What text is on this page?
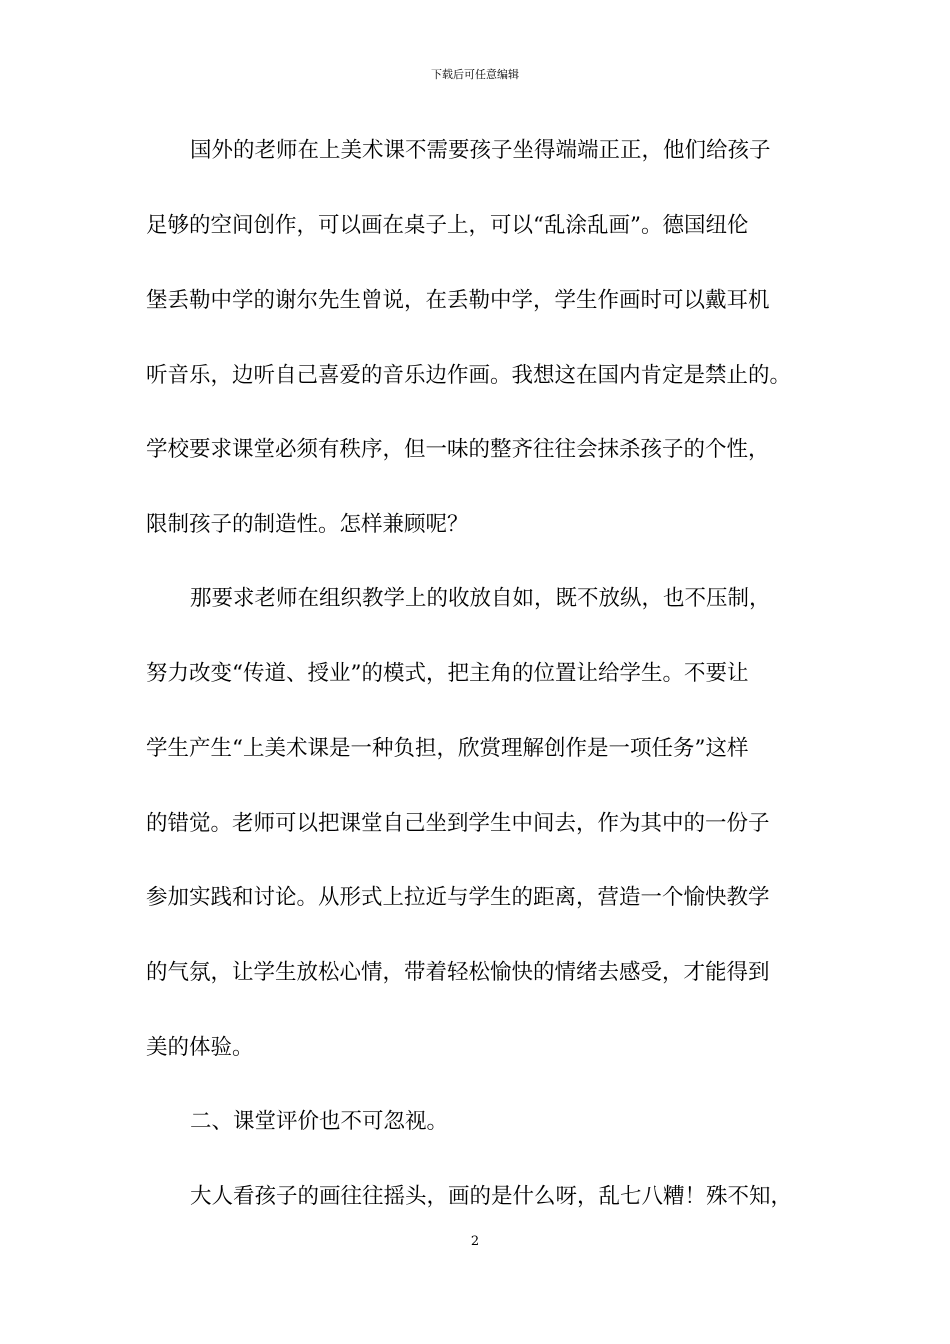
下载后可任意编辑
国外的老师在上美术课不需要孩子坐得端端正正，他们给孩子
足够的空间创作，可以画在桌子上，可以“乱涂乱画”。德国纽伦
堡丢勒中学的谢尔先生曾说，在丢勒中学，学生作画时可以戴耳机
听音乐，边听自己喜爱的音乐边作画。我想这在国内肯定是禁止的。
学校要求课堂必须有秩序，但一味的整齐往往会抹杀孩子的个性，
限制孩子的制造性。怎样兼顾呢？
那要求老师在组织教学上的收放自如，既不放纵，也不压制，
努力改变“传道、授业”的模式，把主角的位置让给学生。不要让
学生产生“上美术课是一种负担，欣赏理解创作是一项任务”这样
的错觉。老师可以把课堂自己坐到学生中间去，作为其中的一份子
参加实践和讨论。从形式上拉近与学生的距离，营造一个愉快教学
的气氛，让学生放松心情，带着轻松愉快的情绪去感受，才能得到
美的体验。
二、课堂评价也不可忽视。
大人看孩子的画往往摇头，画的是什么呀，乱七八糟！殊不知，
2
